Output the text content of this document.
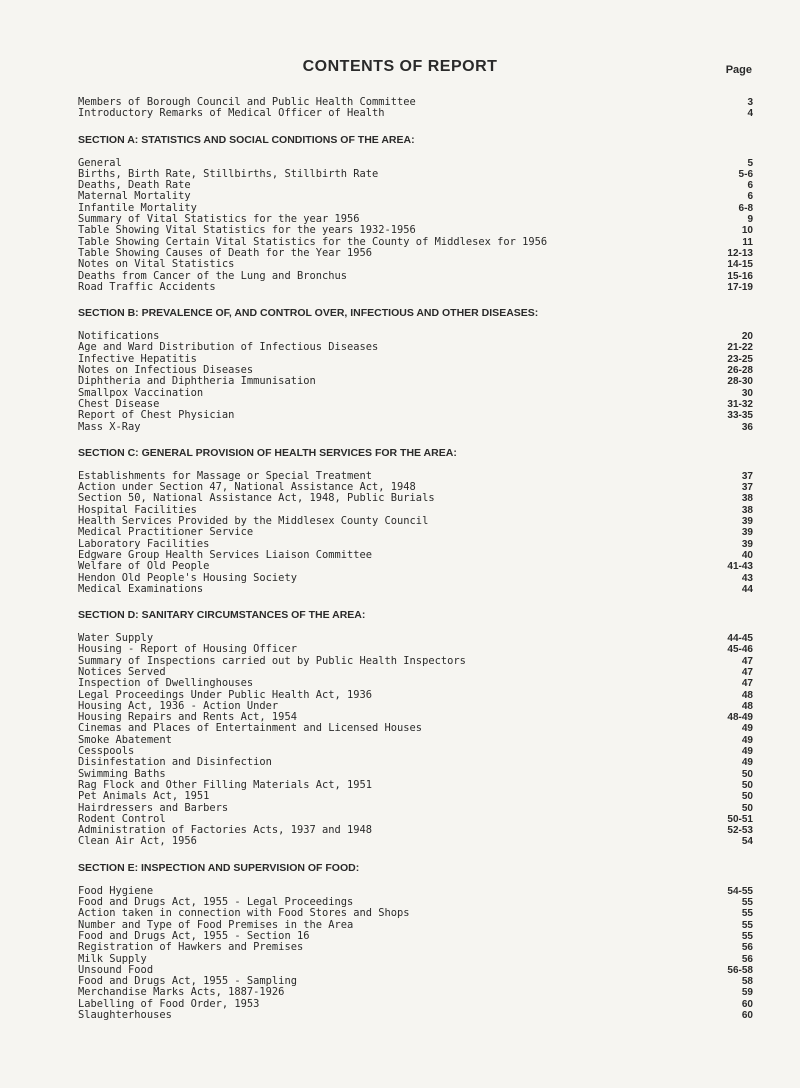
CONTENTS OF REPORT	Page
Members of Borough Council and Public Health Committee	3
Introductory Remarks of Medical Officer of Health	4
SECTION A: STATISTICS AND SOCIAL CONDITIONS OF THE AREA:
General	5
Births, Birth Rate, Stillbirths, Stillbirth Rate	5-6
Deaths, Death Rate	6
Maternal Mortality	6
Infantile Mortality	6-8
Summary of Vital Statistics for the year 1956	9
Table Showing Vital Statistics for the years 1932-1956	10
Table Showing Certain Vital Statistics for the County of Middlesex for 1956	11
Table Showing Causes of Death for the Year 1956	12-13
Notes on Vital Statistics	14-15
Deaths from Cancer of the Lung and Bronchus	15-16
Road Traffic Accidents	17-19
SECTION B: PREVALENCE OF, AND CONTROL OVER, INFECTIOUS AND OTHER DISEASES:
Notifications	20
Age and Ward Distribution of Infectious Diseases	21-22
Infective Hepatitis	23-25
Notes on Infectious Diseases	26-28
Diphtheria and Diphtheria Immunisation	28-30
Smallpox Vaccination	30
Chest Disease	31-32
Report of Chest Physician	33-35
Mass X-Ray	36
SECTION C: GENERAL PROVISION OF HEALTH SERVICES FOR THE AREA:
Establishments for Massage or Special Treatment	37
Action under Section 47, National Assistance Act, 1948	37
Section 50, National Assistance Act, 1948, Public Burials	38
Hospital Facilities	38
Health Services Provided by the Middlesex County Council	39
Medical Practitioner Service	39
Laboratory Facilities	39
Edgware Group Health Services Liaison Committee	40
Welfare of Old People	41-43
Hendon Old People's Housing Society	43
Medical Examinations	44
SECTION D: SANITARY CIRCUMSTANCES OF THE AREA:
Water Supply	44-45
Housing - Report of Housing Officer	45-46
Summary of Inspections carried out by Public Health Inspectors	47
Notices Served	47
Inspection of Dwellinghouses	47
Legal Proceedings Under Public Health Act, 1936	48
Housing Act, 1936 - Action Under	48
Housing Repairs and Rents Act, 1954	48-49
Cinemas and Places of Entertainment and Licensed Houses	49
Smoke Abatement	49
Cesspools	49
Disinfestation and Disinfection	49
Swimming Baths	50
Rag Flock and Other Filling Materials Act, 1951	50
Pet Animals Act, 1951	50
Hairdressers and Barbers	50
Rodent Control	50-51
Administration of Factories Acts, 1937 and 1948	52-53
Clean Air Act, 1956	54
SECTION E: INSPECTION AND SUPERVISION OF FOOD:
Food Hygiene	54-55
Food and Drugs Act, 1955 - Legal Proceedings	55
Action taken in connection with Food Stores and Shops	55
Number and Type of Food Premises in the Area	55
Food and Drugs Act, 1955 - Section 16	55
Registration of Hawkers and Premises	56
Milk Supply	56
Unsound Food	56-58
Food and Drugs Act, 1955 - Sampling	58
Merchandise Marks Acts, 1887-1926	59
Labelling of Food Order, 1953	60
Slaughterhouses	60
